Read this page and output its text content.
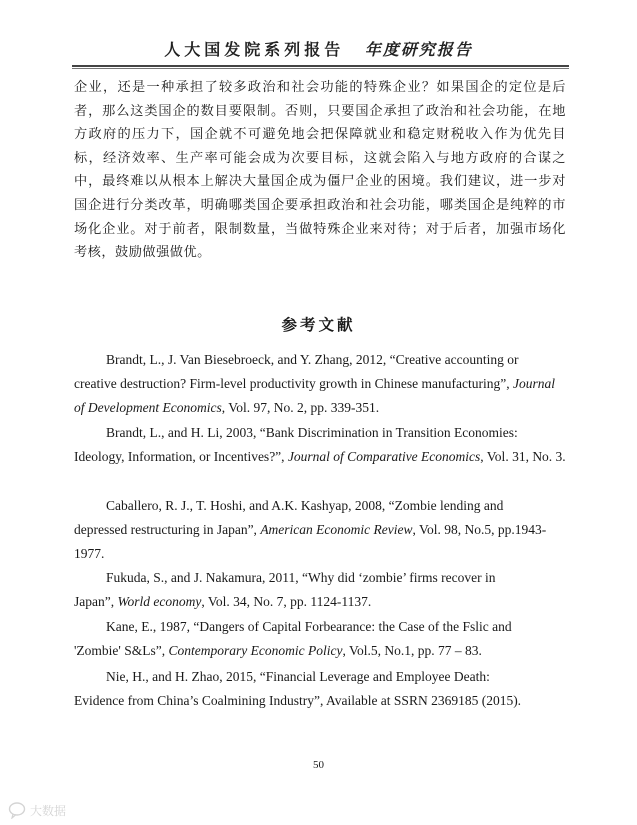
人大国发院系列报告 年度研究报告

企业，还是一种承担了较多政治和社会功能的特殊企业？如果国企的定位是后者，那么这类国企的数目要限制。否则，只要国企承担了政治和社会功能，在地方政府的压力下，国企就不可避免地会把保障就业和稳定财税收入作为优先目标，经济效率、生产率可能会成为次要目标，这就会陷入与地方政府的合谋之中，最终难以从根本上解决大量国企成为僵尸企业的困境。我们建议，进一步对国企进行分类改革，明确哪类国企要承担政治和社会功能，哪类国企是纯粹的市场化企业。对于前者，限制数量，当做特殊企业来对待；对于后者，加强市场化考核，鼓励做强做优。

参考文献

Brandt, L., J. Van Biesebroeck, and Y. Zhang, 2012, “Creative accounting or
creative destruction? Firm-level productivity growth in Chinese manufacturing”, Journal of Development Economics, Vol. 97, No. 2, pp. 339-351.

Brandt, L., and H. Li, 2003, “Bank Discrimination in Transition Economies:
Ideology, Information, or Incentives?”, Journal of Comparative Economics, Vol. 31, No. 3.

Caballero, R. J., T. Hoshi, and A.K. Kashyap, 2008, “Zombie lending and
depressed restructuring in Japan”, American Economic Review, Vol. 98, No.5, pp.1943-1977.

Fukuda, S., and J. Nakamura, 2011, “Why did ‘zombie’ firms recover in
Japan”, World economy, Vol. 34, No. 7, pp. 1124-1137.

Kane, E., 1987, “Dangers of Capital Forbearance: the Case of the Fslic and
'Zombie' S&Ls”, Contemporary Economic Policy, Vol.5, No.1, pp. 77 – 83.

Nie, H., and H. Zhao, 2015, “Financial Leverage and Employee Death:
Evidence from China’s Coalmining Industry”, Available at SSRN 2369185 (2015).

50
大数据
